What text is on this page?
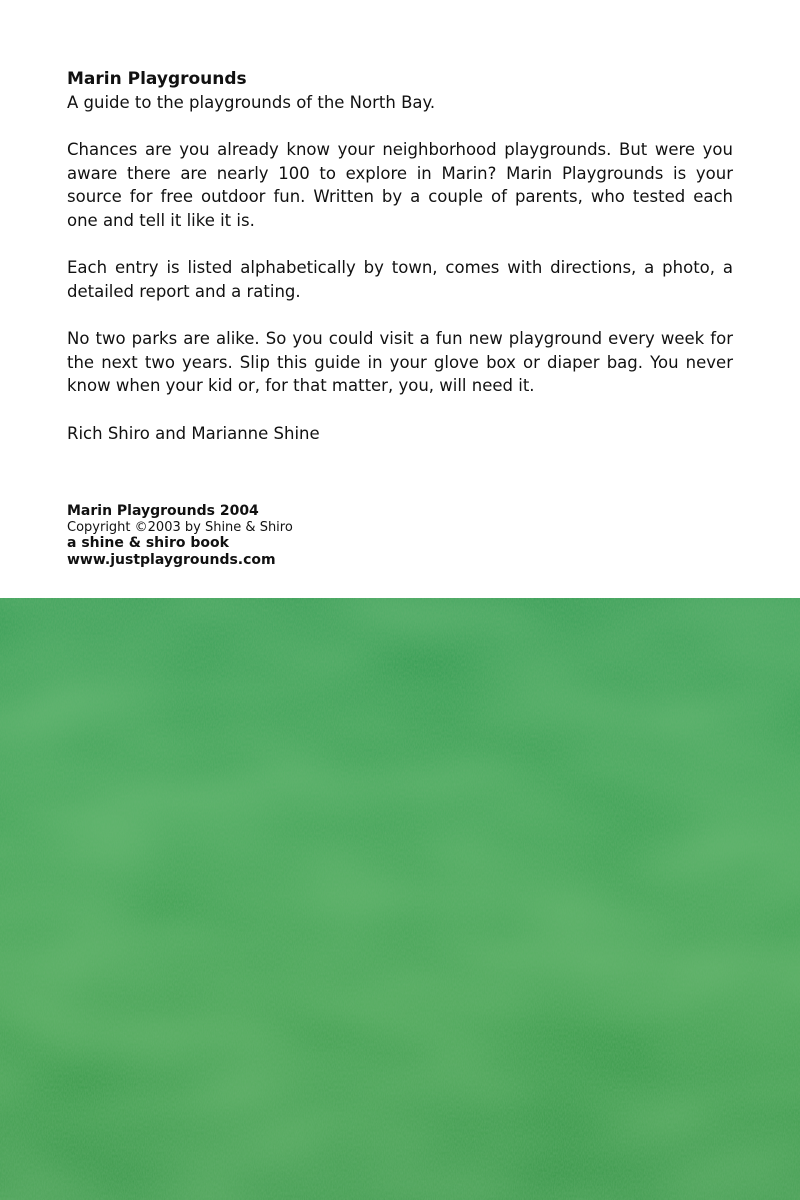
Marin Playgrounds

A guide to the playgrounds of the North Bay.

Chances are you already know your neighborhood playgrounds. But were you aware there are nearly 100 to explore in Marin? Marin Playgrounds is your source for free outdoor fun. Written by a couple of parents, who tested each one and tell it like it is.

Each entry is listed alphabetically by town, comes with directions, a photo, a detailed report and a rating.

No two parks are alike. So you could visit a fun new playground every week for the next two years. Slip this guide in your glove box or diaper bag. You never know when your kid or, for that matter, you, will need it.

Rich Shiro and Marianne Shine

Marin Playgrounds 2004
Copyright ©2003 by Shine & Shiro
a shine & shiro book
www.justplaygrounds.com
